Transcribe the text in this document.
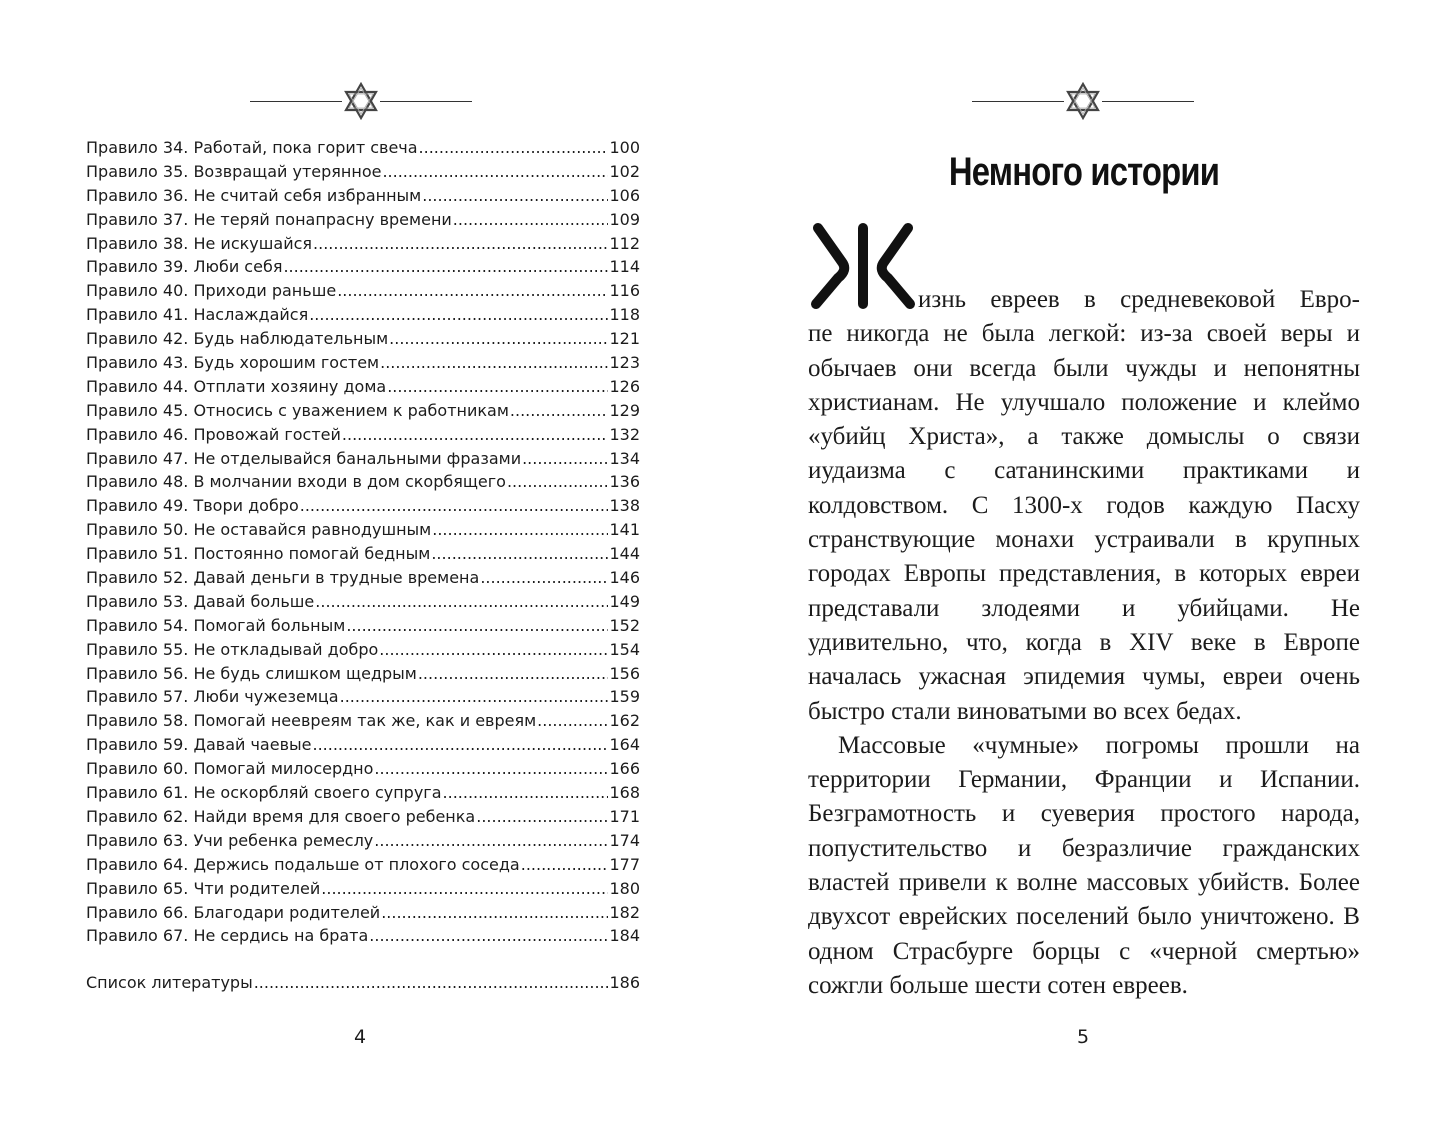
Правило 34. Работай, пока горит свеча .....	100
Правило 35. Возвращай утерянное .....	102
Правило 36. Не считай себя избранным .....	106
Правило 37. Не теряй понапрасну времени .....	109
Правило 38. Не искушайся .....	112
Правило 39. Люби себя .....	114
Правило 40. Приходи раньше .....	116
Правило 41. Наслаждайся .....	118
Правило 42. Будь наблюдательным .....	121
Правило 43. Будь хорошим гостем .....	123
Правило 44. Отплати хозяину дома .....	126
Правило 45. Относись с уважением к работникам .....	129
Правило 46. Провожай гостей .....	132
Правило 47. Не отделывайся банальными фразами .....	134
Правило 48. В молчании входи в дом скорбящего .....	136
Правило 49. Твори добро .....	138
Правило 50. Не оставайся равнодушным .....	141
Правило 51. Постоянно помогай бедным .....	144
Правило 52. Давай деньги в трудные времена .....	146
Правило 53. Давай больше .....	149
Правило 54. Помогай больным .....	152
Правило 55. Не откладывай добро .....	154
Правило 56. Не будь слишком щедрым .....	156
Правило 57. Люби чужеземца .....	159
Правило 58. Помогай неевреям так же, как и евреям .....	162
Правило 59. Давай чаевые .....	164
Правило 60. Помогай милосердно .....	166
Правило 61. Не оскорбляй своего супруга .....	168
Правило 62. Найди время для своего ребенка .....	171
Правило 63. Учи ребенка ремеслу .....	174
Правило 64. Держись подальше от плохого соседа .....	177
Правило 65. Чти родителей .....	180
Правило 66. Благодари родителей .....	182
Правило 67. Не сердись на брата .....	184
Список литературы .....	186
4	5
Немного истории

изнь евреев в средневековой Евро-
пе никогда не была легкой: из-за своей веры и обычаев они всегда были чужды и непонятны христианам. Не улучшало положение и клеймо «убийц Христа», а также домыслы о связи иудаизма с сатанинскими практиками и колдовством. С 1300-х годов каждую Пасху странствующие монахи устраивали в крупных городах Европы представления, в которых евреи представали злодеями и убийцами. Не удивительно, что, когда в XIV веке в Европе началась ужасная эпидемия чумы, евреи очень быстро стали виноватыми во всех бедах.

Массовые «чумные» погромы прошли на территории Германии, Франции и Испании. Безграмотность и суеверия простого народа, попустительство и безразличие гражданских властей привели к волне массовых убийств. Более двухсот еврейских поселений было уничтожено. В одном Страсбурге борцы с «черной смертью» сожгли больше шести сотен евреев.
